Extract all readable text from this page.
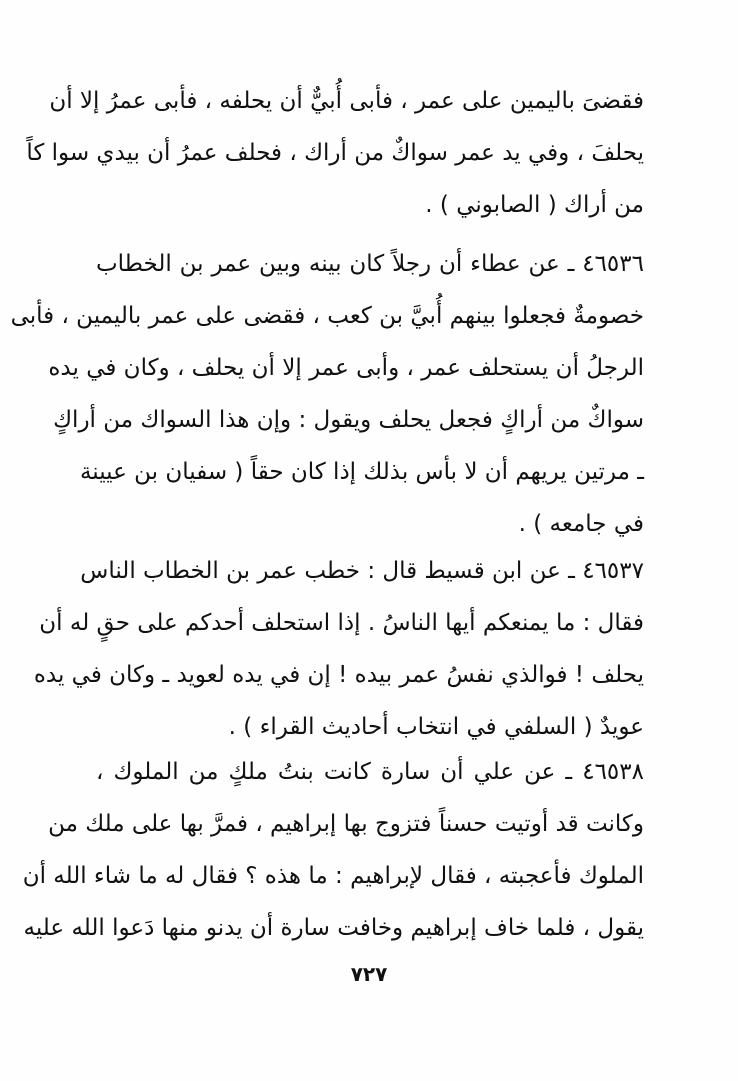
فقضىَ باليمين على عمر ، فأبى أُبيٌّ أن يحلفه ، فأبى عمرُ إلا أن
يحلفَ ، وفي يد عمر سواكٌ من أراك ، فحلف عمرُ أن بيدي سوا كاً
من أراك ( الصابوني ) .
٤٦٥٣٦ ـ عن عطاء أن رجلاً كان بينه وبين عمر بن الخطاب
خصومةٌ فجعلوا بينهم أُبيَّ بن كعب ، فقضى على عمر باليمين ، فأبى
الرجلُ أن يستحلف عمر ، وأبى عمر إلا أن يحلف ، وكان في يده
سواكٌ من أراكٍ فجعل يحلف ويقول : وإن هذا السواك من أراكٍ
ـ مرتين يريهم أن لا بأس بذلك إذا كان حقاً ( سفيان بن عيينة
في جامعه ) .
٤٦٥٣٧ ـ عن ابن قسيط قال : خطب عمر بن الخطاب الناس
فقال : ما يمنعكم أيها الناسُ . إذا استحلف أحدكم على حقٍ له أن
يحلف ! فوالذي نفسُ عمر بيده ! إن في يده لعويد ـ وكان في يده
عويدٌ ( السلفي في انتخاب أحاديث القراء ) .
٤٦٥٣٨ ـ عن علي أن سارة كانت بنتُ ملكٍ من الملوك ،
وكانت قد أوتيت حسناً فتزوج بها إبراهيم ، فمرَّ بها على ملك من
الملوك فأعجبته ، فقال لإبراهيم : ما هذه ؟ فقال له ما شاء الله أن
يقول ، فلما خاف إبراهيم وخافت سارة أن يدنو منها دَعوا الله عليه
٧٢٧
